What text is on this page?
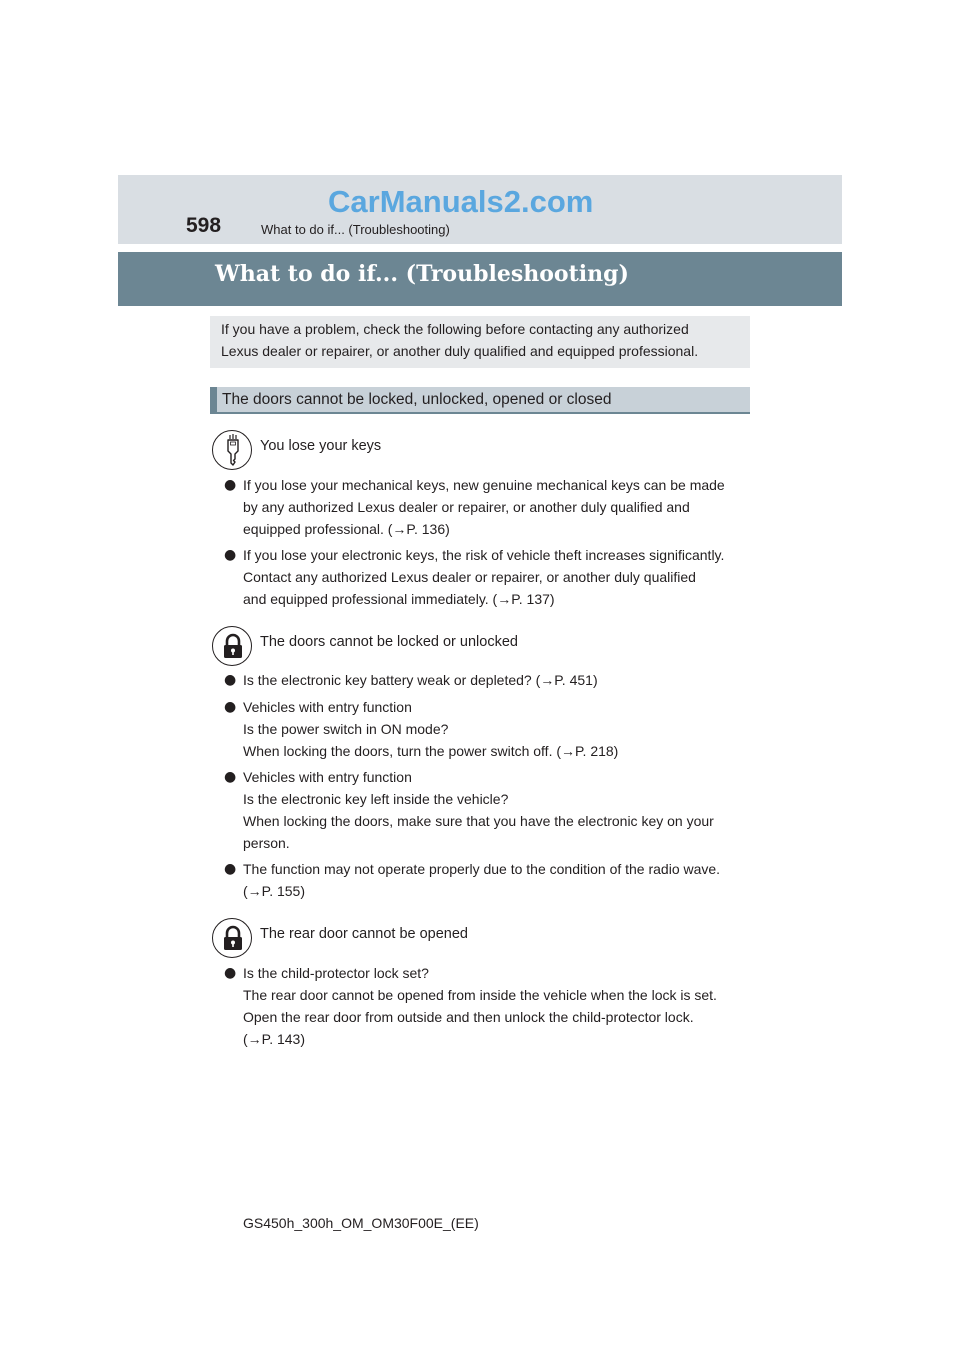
CarManuals2.com
598	What to do if... (Troubleshooting)
What to do if... (Troubleshooting)
If you have a problem, check the following before contacting any authorized
Lexus dealer or repairer, or another duly qualified and equipped professional.
The doors cannot be locked, unlocked, opened or closed
You lose your keys
● If you lose your mechanical keys, new genuine mechanical keys can be made
by any authorized Lexus dealer or repairer, or another duly qualified and
equipped professional. (→P. 136)
● If you lose your electronic keys, the risk of vehicle theft increases significantly.
Contact any authorized Lexus dealer or repairer, or another duly qualified
and equipped professional immediately. (→P. 137)
The doors cannot be locked or unlocked
● Is the electronic key battery weak or depleted? (→P. 451)
● Vehicles with entry function
Is the power switch in ON mode?
When locking the doors, turn the power switch off. (→P. 218)
● Vehicles with entry function
Is the electronic key left inside the vehicle?
When locking the doors, make sure that you have the electronic key on your
person.
● The function may not operate properly due to the condition of the radio wave.
(→P. 155)
The rear door cannot be opened
● Is the child-protector lock set?
The rear door cannot be opened from inside the vehicle when the lock is set.
Open the rear door from outside and then unlock the child-protector lock.
(→P. 143)
GS450h_300h_OM_OM30F00E_(EE)
